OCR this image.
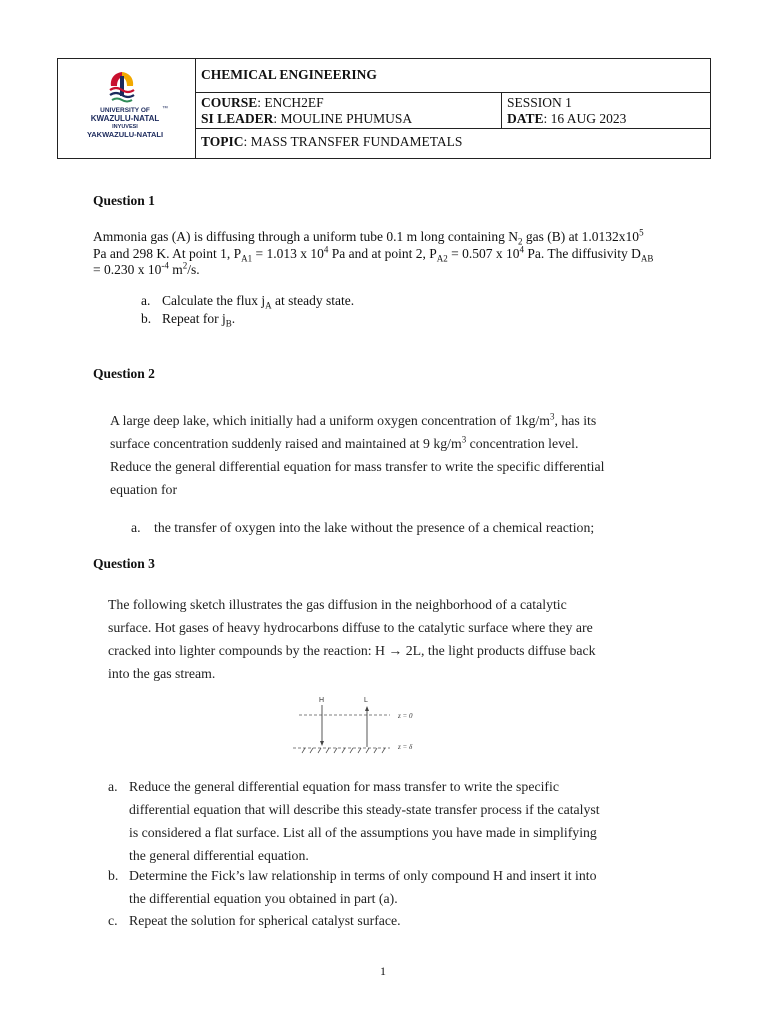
UNIVERSITY OF
KWAZULU-NATAL
™
INYUVESI
YAKWAZULU-NATALI
CHEMICAL ENGINEERING
COURSE: ENCH2EF
SI LEADER: MOULINE PHUMUSA
SESSION 1
DATE: 16 AUG 2023
TOPIC: MASS TRANSFER FUNDAMETALS
Question 1
Ammonia gas (A) is diffusing through a uniform tube 0.1 m long containing $N_2$ gas (B) at $1.0132x10^5$
Pa and 298 K. At point 1, $P_{A1} = 1.013$ x $10^4$ Pa and at point 2, $P_{A2} = 0.507$ x $10^4$ Pa. The diffusivity $D_{AB}$
= 0.230 x $10^{-4}$ $m^2/s$.
a. Calculate the flux $j_A$ at steady state.
b. Repeat for $j_B$.
Question 2
A large deep lake, which initially had a uniform oxygen concentration of $1kg/m^3$, has its
surface concentration suddenly raised and maintained at 9 $kg/m^3$ concentration level.
Reduce the general differential equation for mass transfer to write the specific differential
equation for
a. the transfer of oxygen into the lake without the presence of a chemical reaction;
Question 3
The following sketch illustrates the gas diffusion in the neighborhood of a catalytic
surface. Hot gases of heavy hydrocarbons diffuse to the catalytic surface where they are
cracked into lighter compounds by the reaction: H → 2L, the light products diffuse back
into the gas stream.
H	L
z = 0
z = δ
a. Reduce the general differential equation for mass transfer to write the specific
differential equation that will describe this steady-state transfer process if the catalyst
is considered a flat surface. List all of the assumptions you have made in simplifying
the general differential equation.
b. Determine the Fick’s law relationship in terms of only compound H and insert it into
the differential equation you obtained in part (a).
c. Repeat the solution for spherical catalyst surface.
1
